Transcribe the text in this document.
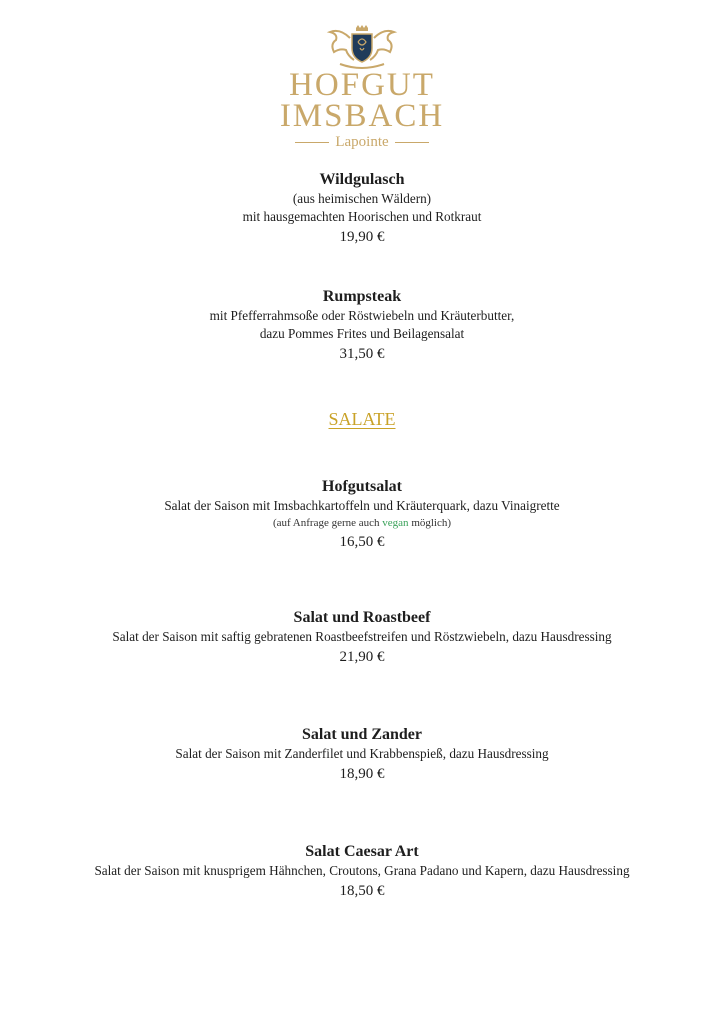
HOFGUT

IMSBACH

Lapointe

Wildgulasch

(aus heimischen Wäldern)

mit hausgemachten Hoorischen und Rotkraut

19,90 €

Rumpsteak

mit Pfefferrahmsoße oder Röstwiebeln und Kräuterbutter,

dazu Pommes Frites und Beilagensalat

31,50 €

SALATE

Hofgutsalat

Salat der Saison mit Imsbachkartoffeln und Kräuterquark, dazu Vinaigrette

(auf Anfrage gerne auch vegan möglich)

16,50 €

Salat und Roastbeef

Salat der Saison mit saftig gebratenen Roastbeefstreifen und Röstzwiebeln, dazu Hausdressing

21,90 €

Salat und Zander

Salat der Saison mit Zanderfilet und Krabbenspieß, dazu Hausdressing

18,90 €

Salat Caesar Art

Salat der Saison mit knusprigem Hähnchen, Croutons, Grana Padano und Kapern, dazu Hausdressing

18,50 €
